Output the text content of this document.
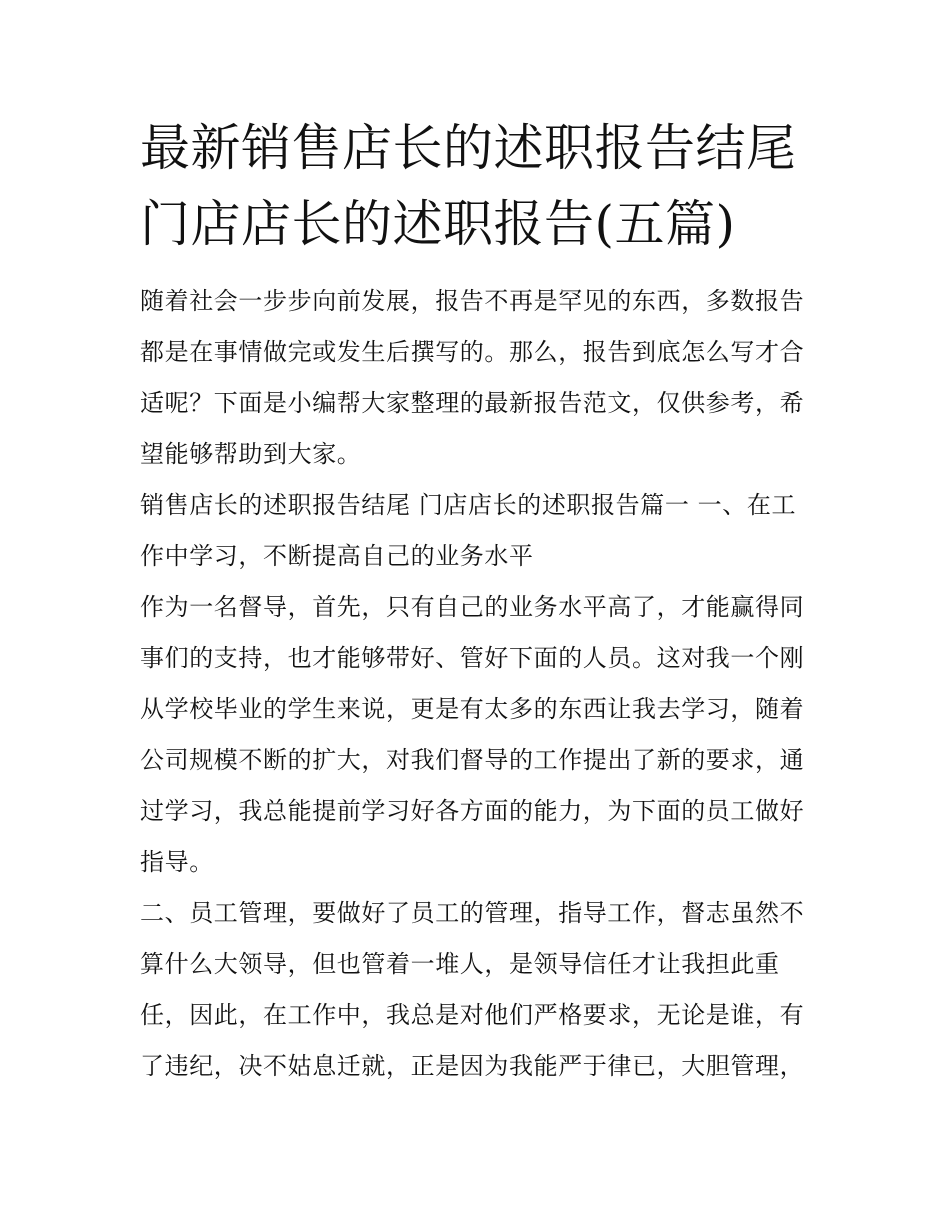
最新销售店长的述职报告结尾 门店店长的述职报告(五篇)

随着社会一步步向前发展，报告不再是罕见的东西，多数报告都是在事情做完或发生后撰写的。那么，报告到底怎么写才合适呢？下面是小编帮大家整理的最新报告范文，仅供参考，希望能够帮助到大家。

销售店长的述职报告结尾 门店店长的述职报告篇一 一、在工作中学习，不断提高自己的业务水平

作为一名督导，首先，只有自己的业务水平高了，才能赢得同事们的支持，也才能够带好、管好下面的人员。这对我一个刚从学校毕业的学生来说，更是有太多的东西让我去学习，随着公司规模不断的扩大，对我们督导的工作提出了新的要求，通过学习，我总能提前学习好各方面的能力，为下面的员工做好指导。

二、员工管理，要做好了员工的管理，指导工作，督志虽然不算什么大领导，但也管着一堆人，是领导信任才让我担此重任，因此，在工作中，我总是对他们严格要求，无论是谁，有了违纪，决不姑息迁就，正是因为我能严于律已，大胆管理，
